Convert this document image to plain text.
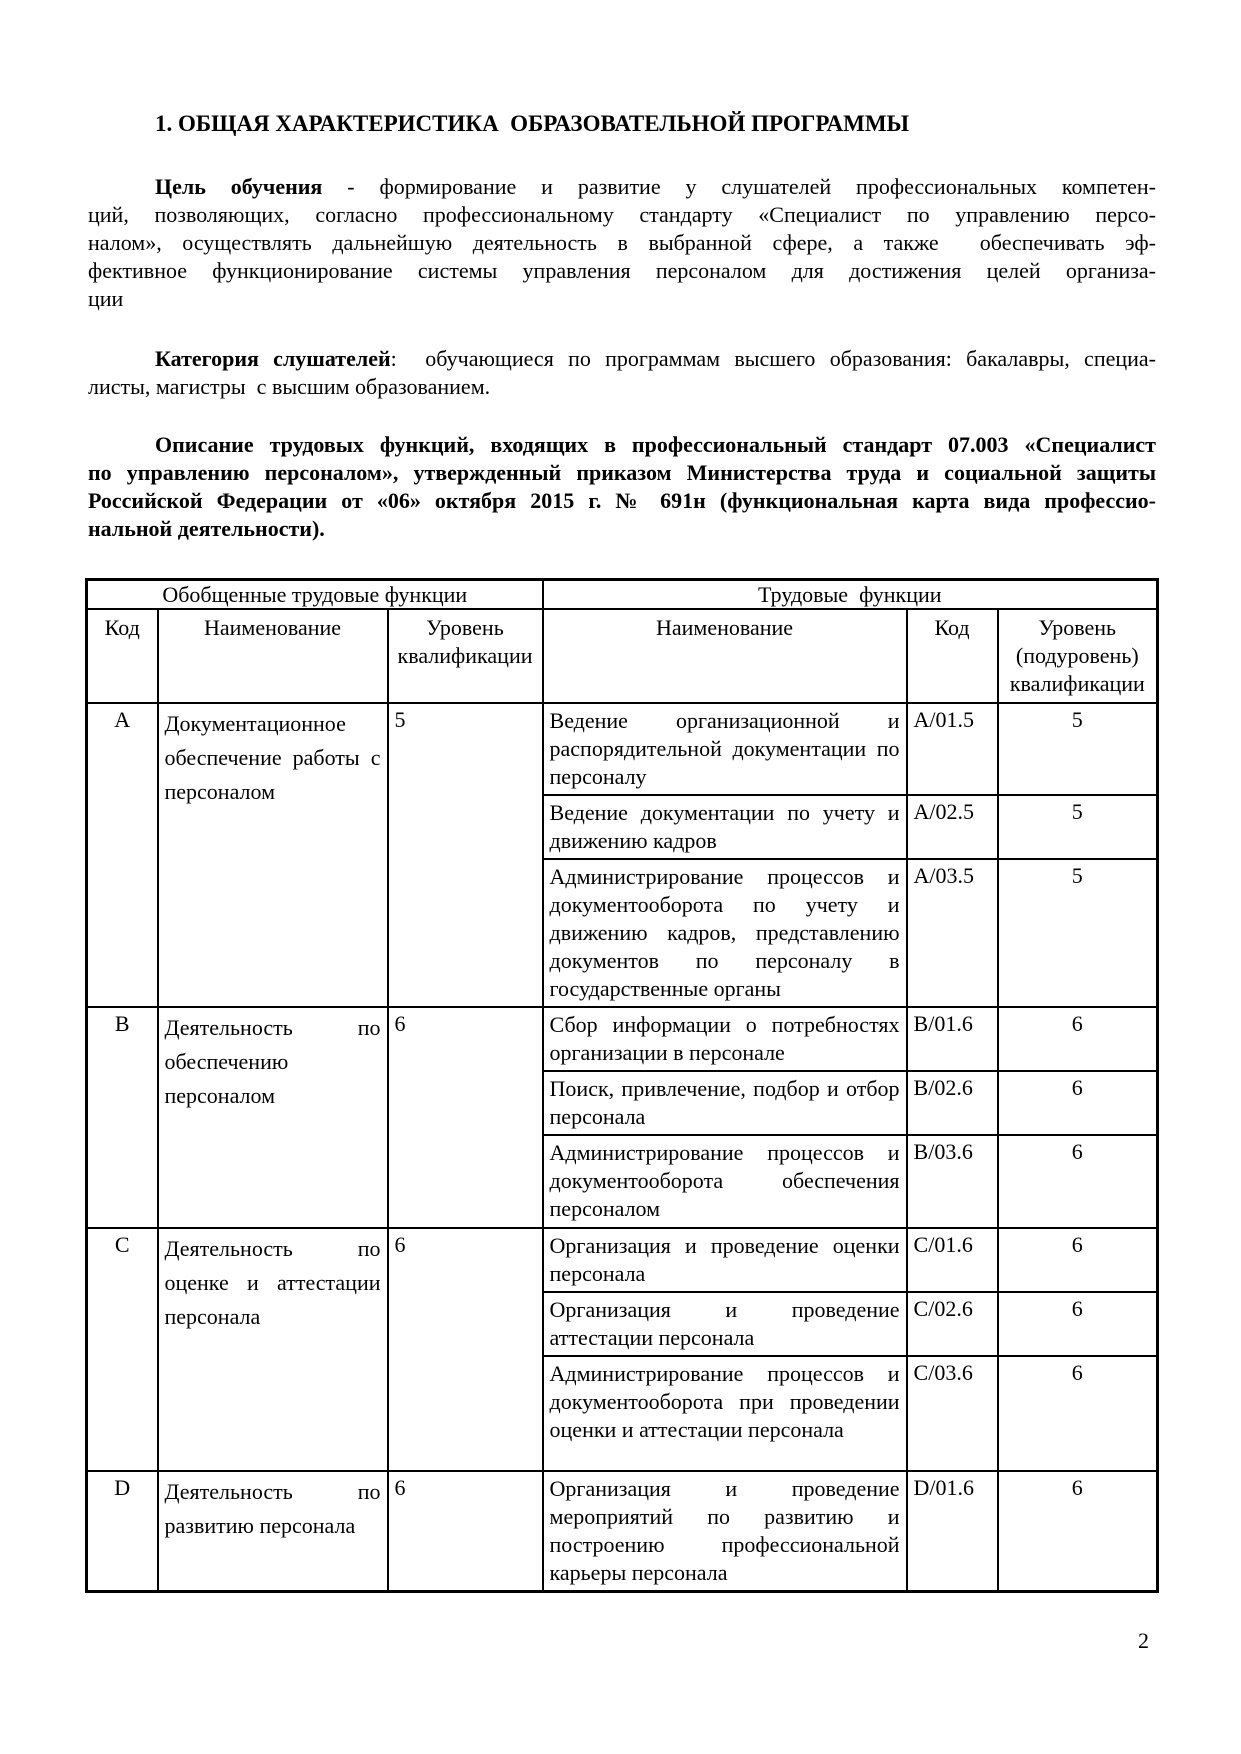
1. ОБЩАЯ ХАРАКТЕРИСТИКА  ОБРАЗОВАТЕЛЬНОЙ ПРОГРАММЫ
Цель обучения - формирование и развитие у слушателей профессиональных компетен-
ций, позволяющих, согласно профессиональному стандарту «Специалист по управлению персо-
налом», осуществлять дальнейшую деятельность в выбранной сфере, а также  обеспечивать эф-
фективное функционирование системы управления персоналом для достижения целей организа-
ции
Категория слушателей:  обучающиеся по программам высшего образования: бакалавры, специа-
листы, магистры  с высшим образованием.
Описание трудовых функций, входящих в профессиональный стандарт 07.003 «Специалист
по управлению персоналом», утвержденный приказом Министерства труда и социальной защиты
Российской Федерации от «06» октября 2015 г. № 691н (функциональная карта вида профессио-
нальной деятельности).
Обобщенные трудовые функции			Трудовые  функции		
Код	Наименование	Уровень квалификации	Наименование	Код	Уровень (подуровень) квалификации
A	Документационное обеспечение работы с персоналом	5	Ведение организационной и распорядительной документации по персоналу	A/01.5	5
			Ведение документации по учету и движению кадров	A/02.5	5
			Администрирование процессов и документооборота по учету и движению кадров, представлению документов по персоналу в государственные органы	A/03.5	5
B	Деятельность по обеспечению персоналом	6	Сбор информации о потребностях организации в персонале	B/01.6	6
			Поиск, привлечение, подбор и отбор персонала	B/02.6	6
			Администрирование процессов и документооборота обеспечения персоналом	B/03.6	6
C	Деятельность по оценке и аттестации персонала	6	Организация и проведение оценки персонала	C/01.6	6
			Организация и проведение аттестации персонала	C/02.6	6
			Администрирование процессов и документооборота при проведении оценки и аттестации персонала	C/03.6	6
D	Деятельность по развитию персонала	6	Организация и проведение мероприятий по развитию и построению профессиональной карьеры персонала	D/01.6	6
2
